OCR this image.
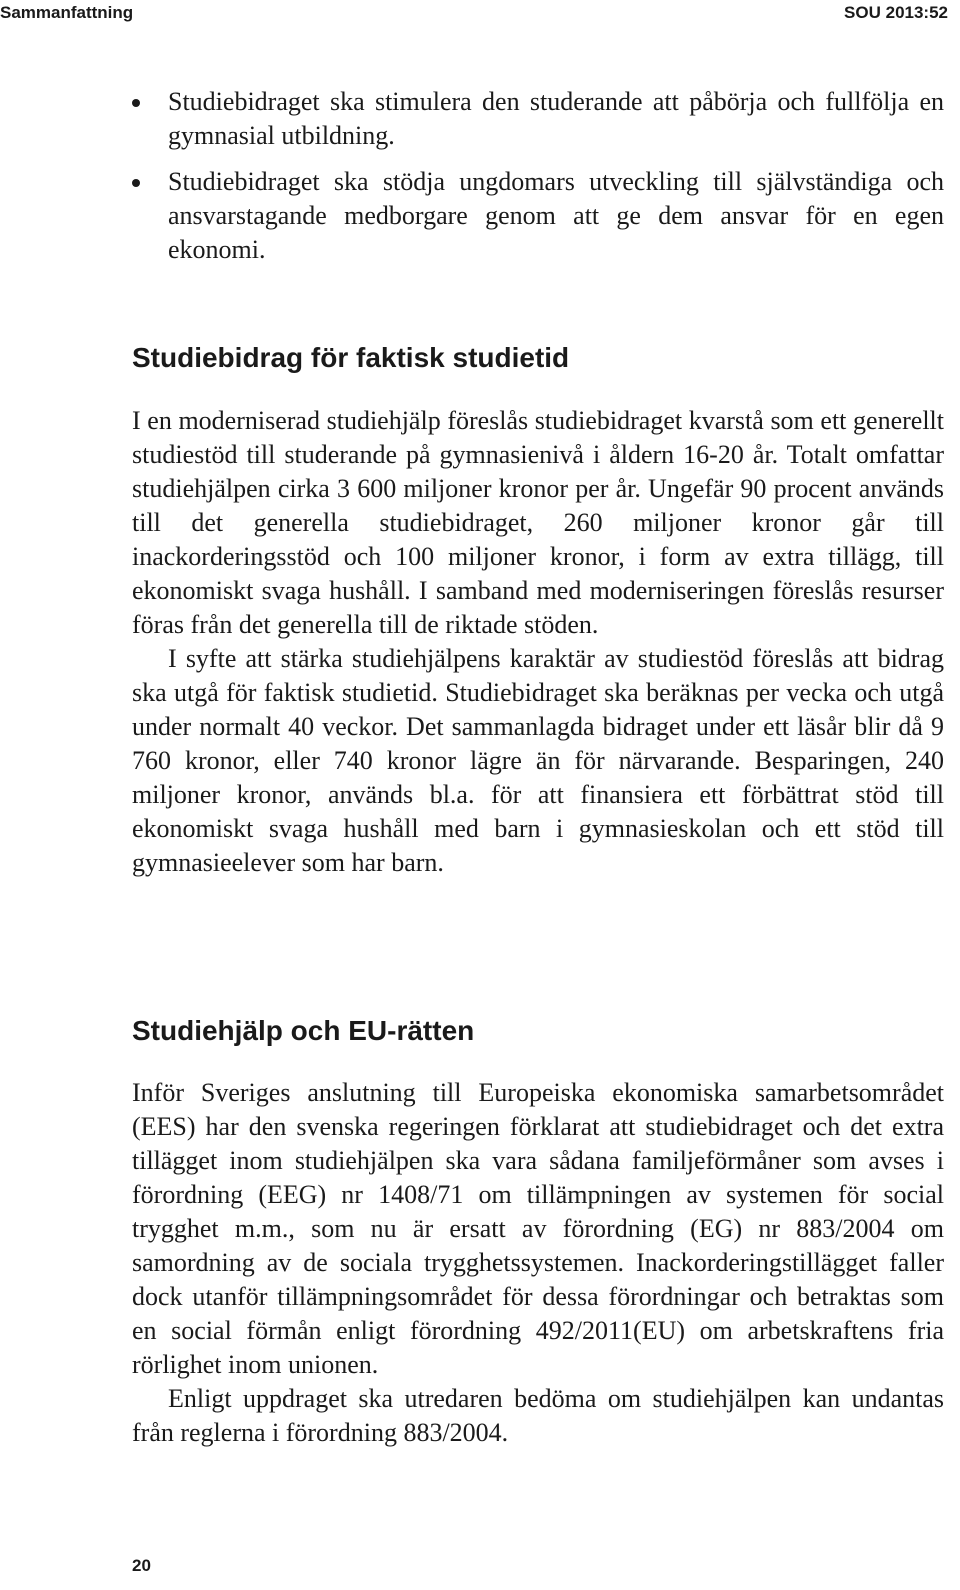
Sammanfattning	SOU 2013:52
Studiebidraget ska stimulera den studerande att påbörja och fullfölja en gymnasial utbildning.
Studiebidraget ska stödja ungdomars utveckling till självständiga och ansvarstagande medborgare genom att ge dem ansvar för en egen ekonomi.
Studiebidrag för faktisk studietid

I en moderniserad studiehjälp föreslås studiebidraget kvarstå som ett generellt studiestöd till studerande på gymnasienivå i åldern 16-20 år. Totalt omfattar studiehjälpen cirka 3 600 miljoner kronor per år. Ungefär 90 procent används till det generella studiebidraget, 260 miljoner kronor går till inackorderingsstöd och 100 miljoner kronor, i form av extra tillägg, till ekonomiskt svaga hushåll. I samband med moderniseringen föreslås resurser föras från det generella till de riktade stöden.

I syfte att stärka studiehjälpens karaktär av studiestöd föreslås att bidrag ska utgå för faktisk studietid. Studiebidraget ska beräknas per vecka och utgå under normalt 40 veckor. Det sammanlagda bidraget under ett läsår blir då 9 760 kronor, eller 740 kronor lägre än för närvarande. Besparingen, 240 miljoner kronor, används bl.a. för att finansiera ett förbättrat stöd till ekonomiskt svaga hushåll med barn i gymnasieskolan och ett stöd till gymnasieelever som har barn.

Studiehjälp och EU-rätten

Inför Sveriges anslutning till Europeiska ekonomiska samarbetsområdet (EES) har den svenska regeringen förklarat att studiebidraget och det extra tillägget inom studiehjälpen ska vara sådana familjeförmåner som avses i förordning (EEG) nr 1408/71 om tillämpningen av systemen för social trygghet m.m., som nu är ersatt av förordning (EG) nr 883/2004 om samordning av de sociala trygghetssystemen. Inackorderingstillägget faller dock utanför tillämpningsområdet för dessa förordningar och betraktas som en social förmån enligt förordning 492/2011(EU) om arbetskraftens fria rörlighet inom unionen.

Enligt uppdraget ska utredaren bedöma om studiehjälpen kan undantas från reglerna i förordning 883/2004.

20
